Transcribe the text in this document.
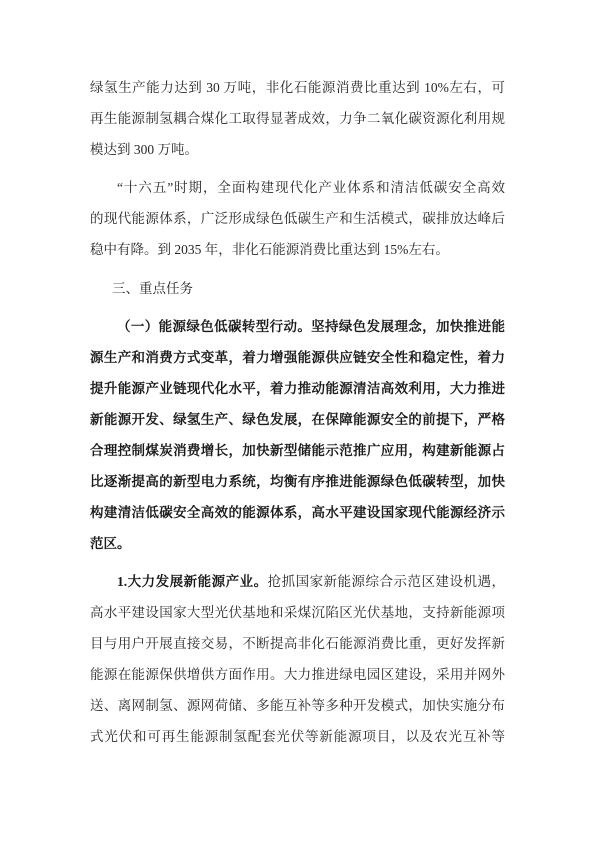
绿氢生产能力达到 30 万吨，非化石能源消费比重达到 10%左右，可
再生能源制氢耦合煤化工取得显著成效，力争二氧化碳资源化利用规
模达到 300 万吨。
“十六五”时期，全面构建现代化产业体系和清洁低碳安全高效
的现代能源体系，广泛形成绿色低碳生产和生活模式，碳排放达峰后
稳中有降。到 2035 年，非化石能源消费比重达到 15%左右。
三、重点任务
（一）能源绿色低碳转型行动。坚持绿色发展理念，加快推进能
源生产和消费方式变革，着力增强能源供应链安全性和稳定性，着力
提升能源产业链现代化水平，着力推动能源清洁高效利用，大力推进
新能源开发、绿氢生产、绿色发展，在保障能源安全的前提下，严格
合理控制煤炭消费增长，加快新型储能示范推广应用，构建新能源占
比逐渐提高的新型电力系统，均衡有序推进能源绿色低碳转型，加快
构建清洁低碳安全高效的能源体系，高水平建设国家现代能源经济示
范区。
1.大力发展新能源产业。抢抓国家新能源综合示范区建设机遇，
高水平建设国家大型光伏基地和采煤沉陷区光伏基地，支持新能源项
目与用户开展直接交易，不断提高非化石能源消费比重，更好发挥新
能源在能源保供增供方面作用。大力推进绿电园区建设，采用并网外
送、离网制氢、源网荷储、多能互补等多种开发模式，加快实施分布
式光伏和可再生能源制氢配套光伏等新能源项目，以及农光互补等
